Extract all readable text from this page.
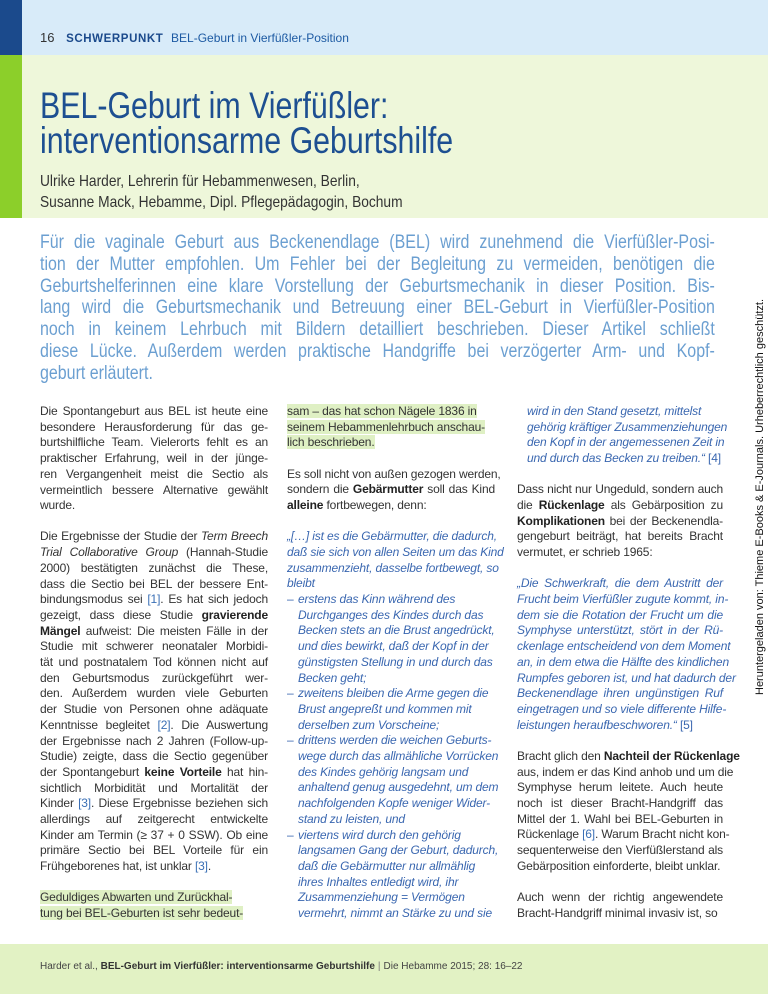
16 SCHWERPUNKT BEL-Geburt in Vierfüßler-Position
BEL-Geburt im Vierfüßler:
interventionsarme Geburtshilfe
Ulrike Harder, Lehrerin für Hebammenwesen, Berlin,
Susanne Mack, Hebamme, Dipl. Pflegepädagogin, Bochum
Für die vaginale Geburt aus Beckenendlage (BEL) wird zunehmend die Vierfüßler-Posi-
tion der Mutter empfohlen. Um Fehler bei der Begleitung zu vermeiden, benötigen die
Geburtshelferinnen eine klare Vorstellung der Geburtsmechanik in dieser Position. Bis-
lang wird die Geburtsmechanik und Betreuung einer BEL-Geburt in Vierfüßler-Position
noch in keinem Lehrbuch mit Bildern detailliert beschrieben. Dieser Artikel schließt
diese Lücke. Außerdem werden praktische Handgriffe bei verzögerter Arm- und Kopf-
geburt erläutert.
Die Spontangeburt aus BEL ist heute eine
besondere Herausforderung für das ge-
burtshilfliche Team. Vielerorts fehlt es an
praktischer Erfahrung, weil in der jünge-
ren Vergangenheit meist die Sectio als
vermeintlich bessere Alternative gewählt
wurde.
Die Ergebnisse der Studie der Term Breech
Trial Collaborative Group (Hannah-Studie
2000) bestätigten zunächst die These,
dass die Sectio bei BEL der bessere Ent-
bindungsmodus sei [1]. Es hat sich jedoch
gezeigt, dass diese Studie gravierende
Mängel aufweist: Die meisten Fälle in der
Studie mit schwerer neonataler Morbidi-
tät und postnatalem Tod können nicht auf
den Geburtsmodus zurückgeführt wer-
den. Außerdem wurden viele Geburten
der Studie von Personen ohne adäquate
Kenntnisse begleitet [2]. Die Auswertung
der Ergebnisse nach 2 Jahren (Follow-up-
Studie) zeigte, dass die Sectio gegenüber
der Spontangeburt keine Vorteile hat hin-
sichtlich Morbidität und Mortalität der
Kinder [3]. Diese Ergebnisse beziehen sich
allerdings auf zeitgerecht entwickelte
Kinder am Termin (≥ 37 + 0 SSW). Ob eine
primäre Sectio bei BEL Vorteile für ein
Frühgeborenes hat, ist unklar [3].
Geduldiges Abwarten und Zurückhal-
tung bei BEL-Geburten ist sehr bedeut-
sam – das hat schon Nägele 1836 in
seinem Hebammenlehrbuch anschau-
lich beschrieben.
Es soll nicht von außen gezogen werden,
sondern die Gebärmutter soll das Kind
alleine fortbewegen, denn:
„[…] ist es die Gebärmutter, die dadurch,
daß sie sich von allen Seiten um das Kind
zusammenzieht, dasselbe fortbewegt, so
bleibt
– erstens das Kinn während des
Durchganges des Kindes durch das
Becken stets an die Brust angedrückt,
und dies bewirkt, daß der Kopf in der
günstigsten Stellung in und durch das
Becken geht;
– zweitens bleiben die Arme gegen die
Brust angepreßt und kommen mit
derselben zum Vorscheine;
– drittens werden die weichen Geburts-
wege durch das allmähliche Vorrücken
des Kindes gehörig langsam und
anhaltend genug ausgedehnt, um dem
nachfolgenden Kopfe weniger Wider-
stand zu leisten, und
– viertens wird durch den gehörig
langsamen Gang der Geburt, dadurch,
daß die Gebärmutter nur allmählig
ihres Inhaltes entledigt wird, ihr
Zusammenziehung = Vermögen
vermehrt, nimmt an Stärke zu und sie
wird in den Stand gesetzt, mittelst
gehörig kräftiger Zusammenziehungen
den Kopf in der angemessenen Zeit in
und durch das Becken zu treiben.“ [4]
Dass nicht nur Ungeduld, sondern auch
die Rückenlage als Gebärposition zu
Komplikationen bei der Beckenendla-
gengeburt beiträgt, hat bereits Bracht
vermutet, er schrieb 1965:
„Die Schwerkraft, die dem Austritt der
Frucht beim Vierfüßler zugute kommt, in-
dem sie die Rotation der Frucht um die
Symphyse unterstützt, stört in der Rü-
ckenlage entscheidend von dem Moment
an, in dem etwa die Hälfte des kindlichen
Rumpfes geboren ist, und hat dadurch der
Beckenendlage ihren ungünstigen Ruf
eingetragen und so viele differente Hilfe-
leistungen heraufbeschworen.“ [5]
Bracht glich den Nachteil der Rückenlage
aus, indem er das Kind anhob und um die
Symphyse herum leitete. Auch heute
noch ist dieser Bracht-Handgriff das
Mittel der 1. Wahl bei BEL-Geburten in
Rückenlage [6]. Warum Bracht nicht kon-
sequenterweise den Vierfüßlerstand als
Gebärposition einforderte, bleibt unklar.
Auch wenn der richtig angewendete
Bracht-Handgriff minimal invasiv ist, so
Heruntergeladen von: Thieme E-Books & E-Journals. Urheberrechtlich geschützt.
Harder et al., BEL-Geburt im Vierfüßler: interventionsarme Geburtshilfe | Die Hebamme 2015; 28: 16–22
